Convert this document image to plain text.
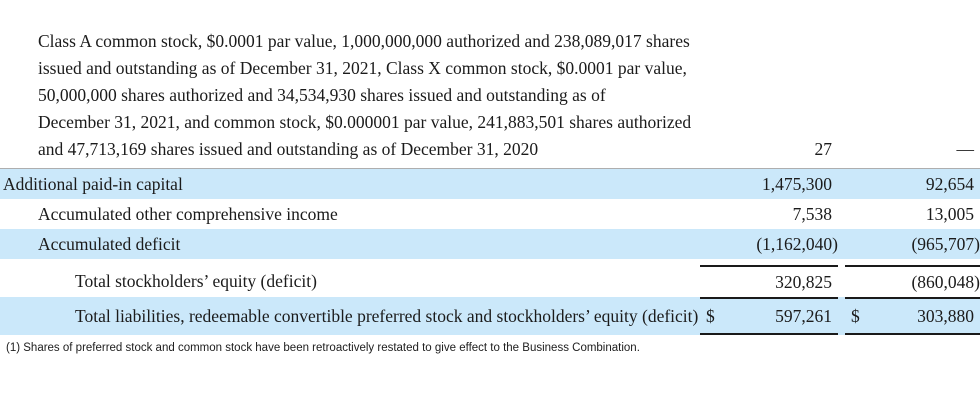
Class A common stock, $0.0001 par value, 1,000,000,000 authorized and 238,089,017 shares
issued and outstanding as of December 31, 2021, Class X common stock, $0.0001 par value,
50,000,000 shares authorized and 34,534,930 shares issued and outstanding as of
December 31, 2021, and common stock, $0.000001 par value, 241,883,501 shares authorized
and 47,713,169 shares issued and outstanding as of December 31, 2020	27	—
Additional paid-in capital	1,475,300	92,654
Accumulated other comprehensive income	7,538	13,005
Accumulated deficit	(1,162,040)	(965,707)
Total stockholders’ equity (deficit)	320,825	(860,048)
Total liabilities, redeemable convertible preferred stock and stockholders’ equity (deficit) $	597,261 $	303,880
(1) Shares of preferred stock and common stock have been retroactively restated to give effect to the Business Combination.
